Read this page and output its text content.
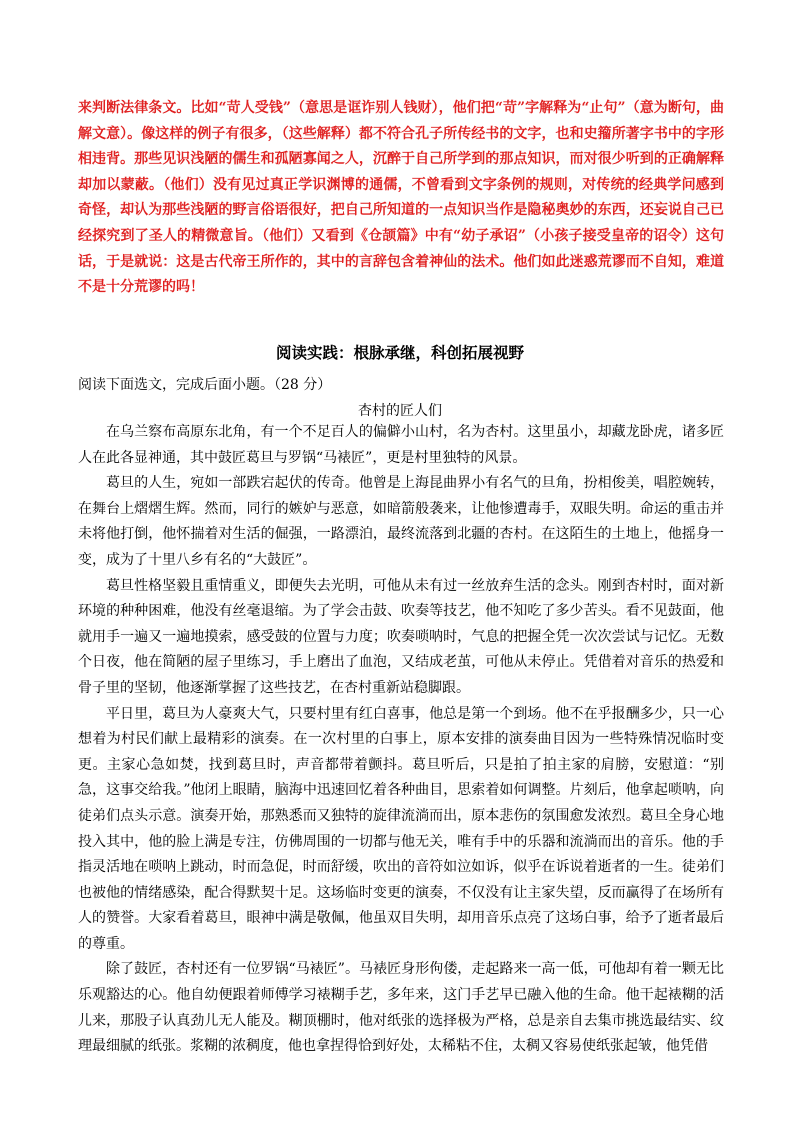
来判断法律条文。比如“苛人受钱”（意思是诓诈别人钱财），他们把“苛”字解释为“止句”（意为断句，曲解文意）。像这样的例子有很多，（这些解释）都不符合孔子所传经书的文字，也和史籀所著字书中的字形相违背。那些见识浅陋的儒生和孤陋寡闻之人，沉醉于自己所学到的那点知识，而对很少听到的正确解释却加以蒙蔽。（他们）没有见过真正学识渊博的通儒，不曾看到文字条例的规则，对传统的经典学问感到奇怪，却认为那些浅陋的野言俗语很好，把自己所知道的一点知识当作是隐秘奥妙的东西，还妄说自己已经探究到了圣人的精微意旨。（他们）又看到《仓颉篇》中有“幼子承诏”（小孩子接受皇帝的诏令）这句话，于是就说：这是古代帝王所作的，其中的言辞包含着神仙的法术。他们如此迷惑荒谬而不自知，难道不是十分荒谬的吗！
阅读实践：根脉承继，科创拓展视野
阅读下面选文，完成后面小题。（28 分）
杏村的匠人们

在乌兰察布高原东北角，有一个不足百人的偏僻小山村，名为杏村。这里虽小，却藏龙卧虎，诸多匠人在此各显神通，其中鼓匠葛旦与罗锅“马裱匠”，更是村里独特的风景。

葛旦的人生，宛如一部跌宕起伏的传奇。他曾是上海昆曲界小有名气的旦角，扮相俊美，唱腔婉转，在舞台上熠熠生辉。然而，同行的嫉妒与恶意，如暗箭般袭来，让他惨遭毒手，双眼失明。命运的重击并未将他打倒，他怀揣着对生活的倔强，一路漂泊，最终流落到北疆的杏村。在这陌生的土地上，他摇身一变，成为了十里八乡有名的“大鼓匠”。

葛旦性格坚毅且重情重义，即便失去光明，可他从未有过一丝放弃生活的念头。刚到杏村时，面对新环境的种种困难，他没有丝毫退缩。为了学会击鼓、吹奏等技艺，他不知吃了多少苦头。看不见鼓面，他就用手一遍又一遍地摸索，感受鼓的位置与力度；吹奏唢呐时，气息的把握全凭一次次尝试与记忆。无数个日夜，他在简陋的屋子里练习，手上磨出了血泡，又结成老茧，可他从未停止。凭借着对音乐的热爱和骨子里的坚韧，他逐渐掌握了这些技艺，在杏村重新站稳脚跟。

平日里，葛旦为人豪爽大气，只要村里有红白喜事，他总是第一个到场。他不在乎报酬多少，只一心想着为村民们献上最精彩的演奏。在一次村里的白事上，原本安排的演奏曲目因为一些特殊情况临时变更。主家心急如焚，找到葛旦时，声音都带着颤抖。葛旦听后，只是拍了拍主家的肩膀，安慰道：“别急，这事交给我。”他闭上眼睛，脑海中迅速回忆着各种曲目，思索着如何调整。片刻后，他拿起唢呐，向徒弟们点头示意。演奏开始，那熟悉而又独特的旋律流淌而出，原本悲伤的氛围愈发浓烈。葛旦全身心地投入其中，他的脸上满是专注，仿佛周围的一切都与他无关，唯有手中的乐器和流淌而出的音乐。他的手指灵活地在唢呐上跳动，时而急促，时而舒缓，吹出的音符如泣如诉，似乎在诉说着逝者的一生。徒弟们也被他的情绪感染，配合得默契十足。这场临时变更的演奏，不仅没有让主家失望，反而赢得了在场所有人的赞誉。大家看着葛旦，眼神中满是敬佩，他虽双目失明，却用音乐点亮了这场白事，给予了逝者最后的尊重。

除了鼓匠，杏村还有一位罗锅“马裱匠”。马裱匠身形佝偻，走起路来一高一低，可他却有着一颗无比乐观豁达的心。他自幼便跟着师傅学习裱糊手艺，多年来，这门手艺早已融入他的生命。他干起裱糊的活儿来，那股子认真劲儿无人能及。糊顶棚时，他对纸张的选择极为严格，总是亲自去集市挑选最结实、纹理最细腻的纸张。浆糊的浓稠度，他也拿捏得恰到好处，太稀粘不住，太稠又容易使纸张起皱，他凭借
